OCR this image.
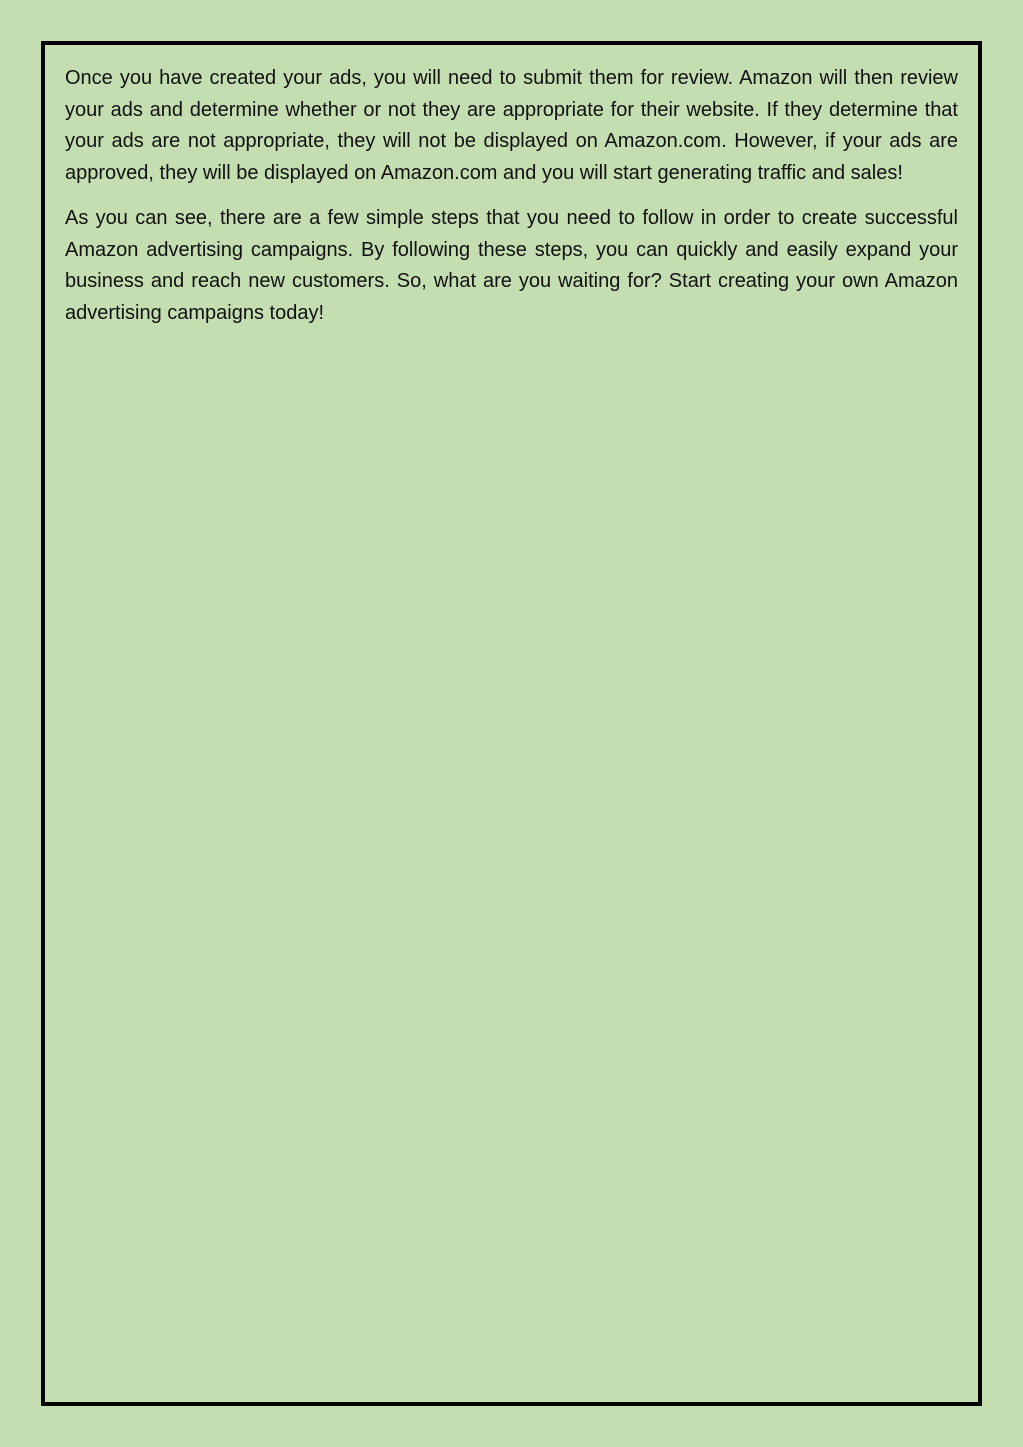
Once you have created your ads, you will need to submit them for review. Amazon will then review your ads and determine whether or not they are appropriate for their website. If they determine that your ads are not appropriate, they will not be displayed on Amazon.com. However, if your ads are approved, they will be displayed on Amazon.com and you will start generating traffic and sales!

As you can see, there are a few simple steps that you need to follow in order to create successful Amazon advertising campaigns. By following these steps, you can quickly and easily expand your business and reach new customers. So, what are you waiting for? Start creating your own Amazon advertising campaigns today!
